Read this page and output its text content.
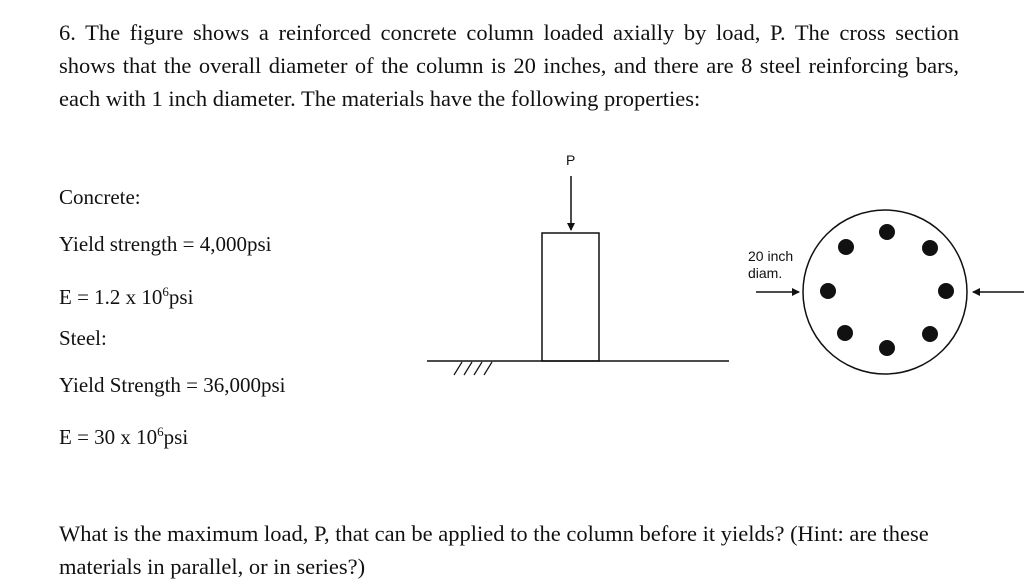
6. The figure shows a reinforced concrete column loaded axially by load, P. The cross section shows that the overall diameter of the column is 20 inches, and there are 8 steel reinforcing bars, each with 1 inch diameter. The materials have the following properties:

Concrete:
Yield strength = 4,000psi
E = 1.2 x $10^6psi$
Steel:
Yield Strength = 36,000psi
E = 30 x $10^6psi$
P
20 inch
diam.

What is the maximum load, P, that can be applied to the column before it yields? (Hint: are these materials in parallel, or in series?)
